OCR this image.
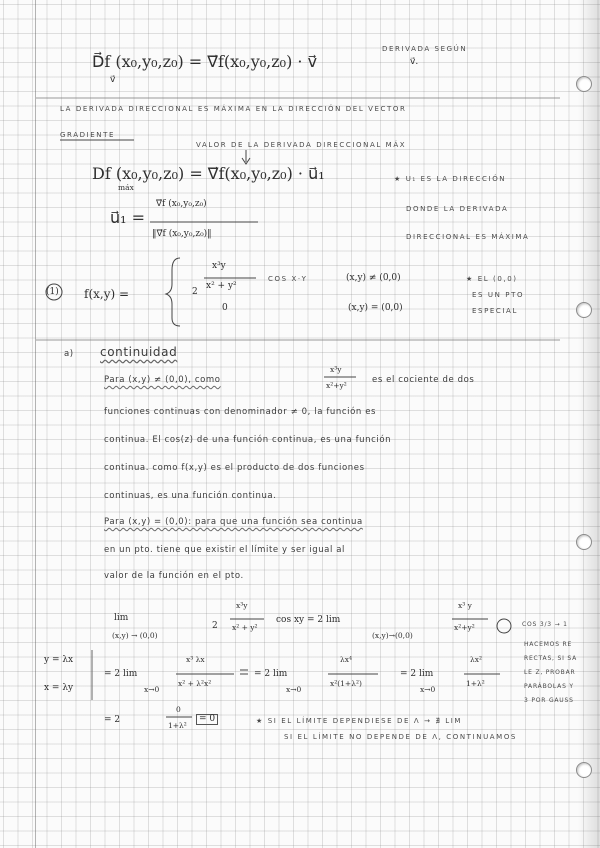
D⃗f (x₀,y₀,z₀) = ∇⃗f(x₀,y₀,z₀) · v⃗
v⃗
DERIVADA SEGÚN
v⃗.
LA DERIVADA DIRECCIONAL ES MÁXIMA EN LA DIRECCIÓN DEL VECTOR
GRADIENTE
VALOR DE LA DERIVADA DIRECCIONAL MÁX
Df (x₀,y₀,z₀) = ∇⃗f(x₀,y₀,z₀) · u⃗₁
máx
★ U₁ ES LA DIRECCIÓN
DONDE LA DERIVADA
DIRECCIONAL ES MÁXIMA
u⃗₁ =
∇⃗f (x₀,y₀,z₀)
‖∇⃗f (x₀,y₀,z₀)‖
(1) f(x,y) =	2
x³y
x² + y²
COS X·Y	(x,y) ≠ (0,0)
0	(x,y) = (0,0)
★ EL (0,0)
ES UN PTO
ESPECIAL
a) continuidad
Para (x,y) ≠ (0,0), como
x³y
x²+y²
es el cociente de dos
funciones continuas con denominador ≠ 0, la función es
continua. El cos(z) de una función continua, es una función
continua. como f(x,y) es el producto de dos funciones
continuas, es una función continua.
Para (x,y) = (0,0): para que una función sea continua
en un pto. tiene que existir el límite y ser igual al
valor de la función en el pto.
lim
(x,y) → (0,0)
2
x³y
x² + y²
cos xy = 2 lim
(x,y)→(0,0)
x³ y
x²+y²	COS 3/3 → 1
HACEMOS RE
RECTAS, SI SA
LE Z, PROBAR
PARÁBOLAS Y
3 POR GAUSS
y = λx
x = λy
= 2 lim
x→0
x³ λx
x² + λ²x²
= 2 lim
x→0
λx⁴
x²(1+λ²)
= 2 lim
x→0
λx²
1+λ²
= 2
0
1+λ²
= 0	★ SI EL LÍMITE DEPENDIESE DE Λ → ∄ LIM
SI EL LÍMITE NO DEPENDE DE Λ, CONTINUAMOS
